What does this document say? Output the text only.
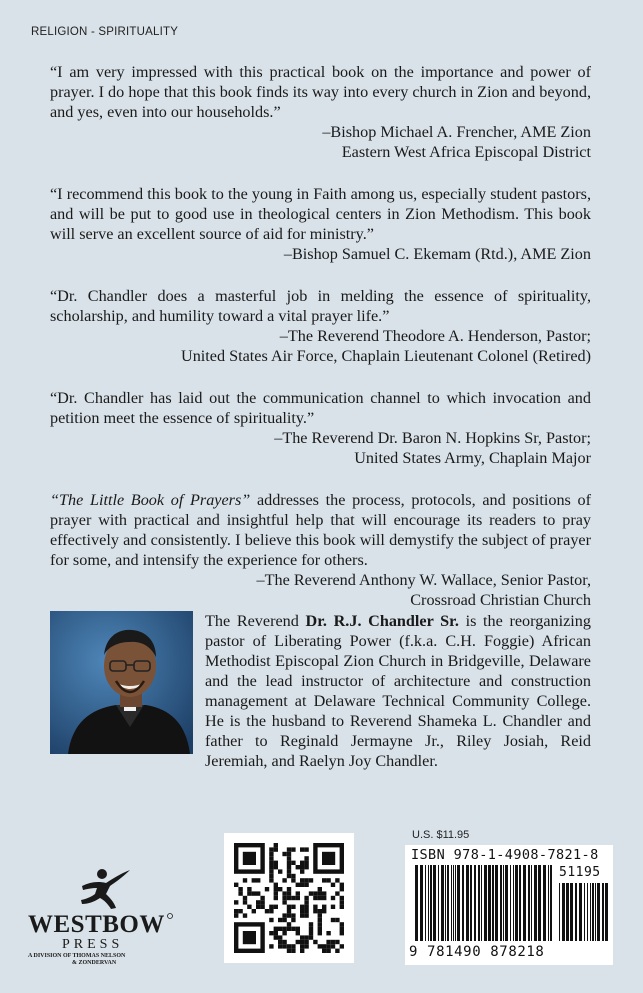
RELIGION - SPIRITUALITY

“I am very impressed with this practical book on the importance and power of prayer. I do hope that this book finds its way into every church in Zion and beyond, and yes, even into our households.”

–Bishop Michael A. Frencher, AME Zion

Eastern West Africa Episcopal District

“I recommend this book to the young in Faith among us, especially student pastors, and will be put to good use in theological centers in Zion Methodism. This book will serve an excellent source of aid for ministry.”

–Bishop Samuel C. Ekemam (Rtd.), AME Zion

“Dr. Chandler does a masterful job in melding the essence of spirituality, scholarship, and humility toward a vital prayer life.”

–The Reverend Theodore A. Henderson, Pastor;

United States Air Force, Chaplain Lieutenant Colonel (Retired)

“Dr. Chandler has laid out the communication channel to which invocation and petition meet the essence of spirituality.”

–The Reverend Dr. Baron N. Hopkins Sr, Pastor;

United States Army, Chaplain Major

“The Little Book of Prayers” addresses the process, protocols, and positions of prayer with practical and insightful help that will encourage its readers to pray effectively and consistently. I believe this book will demystify the subject of prayer for some, and intensify the experience for others.

–The Reverend Anthony W. Wallace, Senior Pastor,

Crossroad Christian Church

The Reverend Dr. R.J. Chandler Sr. is the reorganizing pastor of Liberating Power (f.k.a. C.H. Foggie) African Methodist Episcopal Zion Church in Bridgeville, Delaware and the lead instructor of architecture and construction management at Delaware Technical Community College. He is the husband to Reverend Shameka L. Chandler and father to Reginald Jermayne Jr., Riley Josiah, Reid Jeremiah, and Raelyn Joy Chandler.

WESTBOW
PRESS
A DIVISION OF THOMAS NELSON
& ZONDERVAN
U.S. $11.95
ISBN 978-1-4908-7821-8
51195
9 781490 878218
